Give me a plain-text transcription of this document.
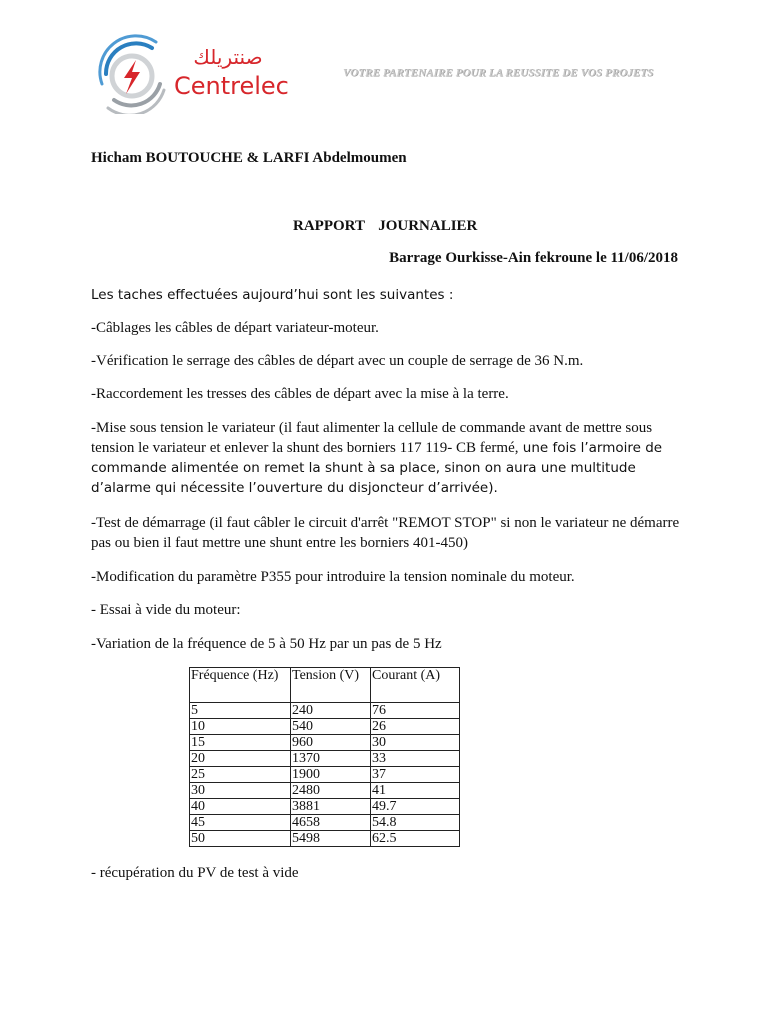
صنتريلك
Centrelec	VOTRE PARTENAIRE POUR LA REUSSITE DE VOS PROJETS
Hicham BOUTOUCHE & LARFI Abdelmoumen
RAPPORT  JOURNALIER
Barrage Ourkisse-Ain fekroune le 11/06/2018
Les taches effectuées aujourd’hui sont les suivantes :
-Câblages les câbles de départ variateur-moteur.
-Vérification le serrage des câbles de départ avec un couple de serrage de 36 N.m.
-Raccordement les tresses des câbles de départ avec la mise à la terre.
-Mise sous tension le variateur (il faut alimenter la cellule de commande avant de mettre sous tension le variateur et enlever la shunt des borniers 117 119- CB fermé, une fois l’armoire de commande alimentée on remet la shunt à sa place, sinon on aura une multitude d’alarme qui nécessite l’ouverture du disjoncteur d’arrivée).
-Test de démarrage (il faut câbler le circuit d'arrêt "REMOT STOP" si non le variateur ne démarre pas ou bien il faut mettre une shunt entre les borniers 401-450)
-Modification du paramètre P355 pour introduire la tension nominale du moteur.
- Essai à vide du moteur:
-Variation de la fréquence de 5 à 50 Hz par un pas de 5 Hz
Fréquence (Hz)	Tension (V)	Courant (A)
5	240	76
10	540	26
15	960	30
20	1370	33
25	1900	37
30	2480	41
40	3881	49.7
45	4658	54.8
50	5498	62.5
- récupération du PV de test à vide
